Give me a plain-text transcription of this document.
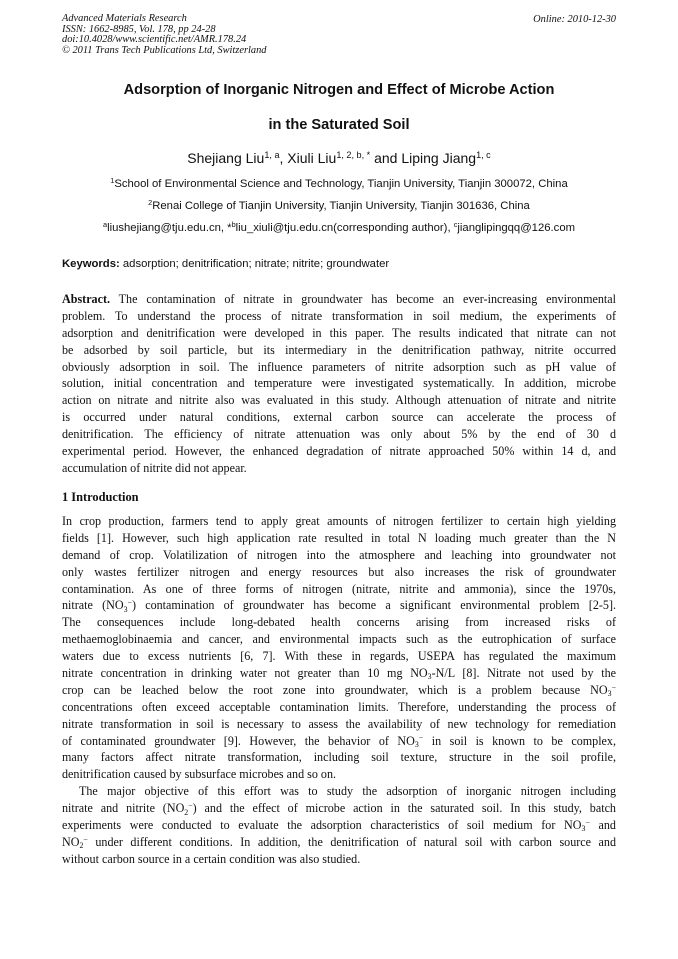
Advanced Materials Research
ISSN: 1662-8985, Vol. 178, pp 24-28
doi:10.4028/www.scientific.net/AMR.178.24
© 2011 Trans Tech Publications Ltd, Switzerland
Online: 2010-12-30
Adsorption of Inorganic Nitrogen and Effect of Microbe Action
in the Saturated Soil
Shejiang Liu$^{1, a}$, Xiuli Liu$^{1, 2, b, *}$ and Liping Jiang$^{1, c}$
$^1$School of Environmental Science and Technology, Tianjin University, Tianjin 300072, China
$^2$Renai College of Tianjin University, Tianjin University, Tianjin 301636, China
$^a$liushejiang@tju.edu.cn, *$^b$liu_xiuli@tju.edu.cn(corresponding author), $^c$jianglipingqq@126.com
Keywords: adsorption; denitrification; nitrate; nitrite; groundwater
Abstract. The contamination of nitrate in groundwater has become an ever-increasing environmental
problem. To understand the process of nitrate transformation in soil medium, the experiments of
adsorption and denitrification were developed in this paper. The results indicated that nitrate can not
be adsorbed by soil particle, but its intermediary in the denitrification pathway, nitrite occurred
obviously adsorption in soil. The influence parameters of nitrite adsorption such as pH value of
solution, initial concentration and temperature were investigated systematically. In addition, microbe
action on nitrate and nitrite also was evaluated in this study. Although attenuation of nitrate and nitrite
is occurred under natural conditions, external carbon source can accelerate the process of
denitrification. The efficiency of nitrate attenuation was only about 5% by the end of 30 d
experimental period. However, the enhanced degradation of nitrate approached 50% within 14 d, and
accumulation of nitrite did not appear.
1 Introduction
In crop production, farmers tend to apply great amounts of nitrogen fertilizer to certain high yielding
fields [1]. However, such high application rate resulted in total N loading much greater than the N
demand of crop. Volatilization of nitrogen into the atmosphere and leaching into groundwater not
only wastes fertilizer nitrogen and energy resources but also increases the risk of groundwater
contamination. As one of three forms of nitrogen (nitrate, nitrite and ammonia), since the 1970s,
nitrate $(NO_3^-)$ contamination of groundwater has become a significant environmental problem [2-5].
The consequences include long-debated health concerns arising from increased risks of
methaemoglobinaemia and cancer, and environmental impacts such as the eutrophication of surface
waters due to excess nutrients [6, 7]. With these in regards, USEPA has regulated the maximum
nitrate concentration in drinking water not greater than 10 mg $NO_3-N/L$ [8]. Nitrate not used by the
crop can be leached below the root zone into groundwater, which is a problem because $NO_3^-$
concentrations often exceed acceptable contamination limits. Therefore, understanding the process of
nitrate transformation in soil is necessary to assess the availability of new technology for remediation
of contaminated groundwater [9]. However, the behavior of $NO_3^-$ in soil is known to be complex,
many factors affect nitrate transformation, including soil texture, structure in the soil profile,
denitrification caused by subsurface microbes and so on.
The major objective of this effort was to study the adsorption of inorganic nitrogen including
nitrate and nitrite $(NO_2^-)$ and the effect of microbe action in the saturated soil. In this study, batch
experiments were conducted to evaluate the adsorption characteristics of soil medium for $NO_3^-$ and
$NO_2^-$ under different conditions. In addition, the denitrification of natural soil with carbon source and
without carbon source in a certain condition was also studied.
